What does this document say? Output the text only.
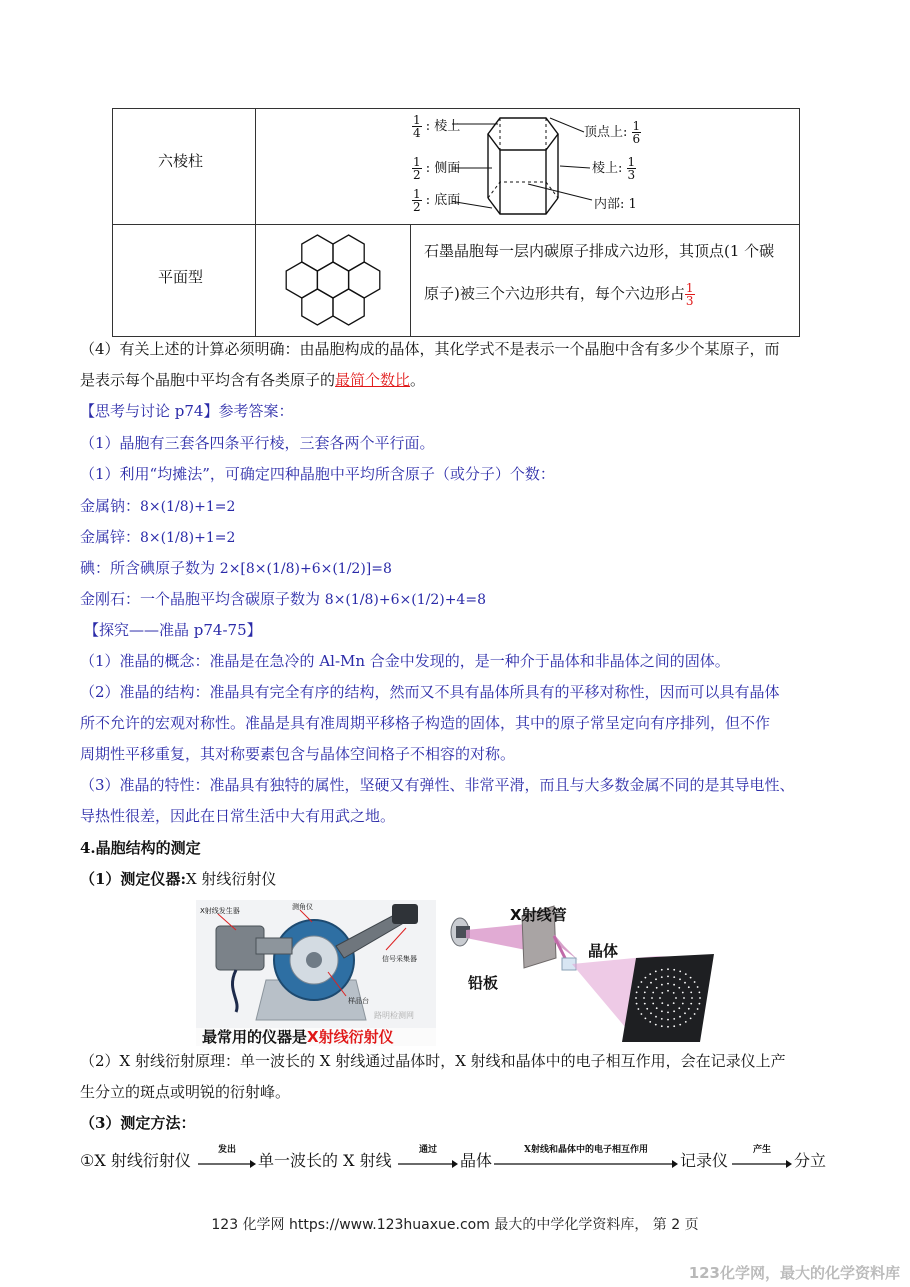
六棱柱
平面型
$\frac{1}{4}$ : 棱上
$\frac{1}{2}$ : 侧面
$\frac{1}{2}$ : 底面
顶点上: $\frac{1}{6}$
棱上: $\frac{1}{3}$
内部: 1
石墨晶胞每一层内碳原子排成六边形，其顶点(1 个碳
原子)被三个六边形共有，每个六边形占 $\frac{1}{3}$
（4）有关上述的计算必须明确：由晶胞构成的晶体，其化学式不是表示一个晶胞中含有多少个某原子，而
是表示每个晶胞中平均含有各类原子的最简个数比。
【思考与讨论 p74】参考答案：
（1）晶胞有三套各四条平行棱，三套各两个平行面。
（1）利用“均摊法”，可确定四种晶胞中平均所含原子（或分子）个数：
金属钠：8×(1/8)+1=2
金属锌：8×(1/8)+1=2
碘：所含碘原子数为 2×[8×(1/8)+6×(1/2)]=8
金刚石：一个晶胞平均含碳原子数为 8×(1/8)+6×(1/2)+4=8
【探究——准晶 p74-75】
（1）准晶的概念：准晶是在急冷的 Al-Mn 合金中发现的，是一种介于晶体和非晶体之间的固体。
（2）准晶的结构：准晶具有完全有序的结构，然而又不具有晶体所具有的平移对称性，因而可以具有晶体
所不允许的宏观对称性。准晶是具有准周期平移格子构造的固体，其中的原子常呈定向有序排列，但不作
周期性平移重复，其对称要素包含与晶体空间格子不相容的对称。
（3）准晶的特性：准晶具有独特的属性，坚硬又有弹性、非常平滑，而且与大多数金属不同的是其导电性、
导热性很差，因此在日常生活中大有用武之地。
4.晶胞结构的测定
（1）测定仪器:X 射线衍射仪
X射线发生器	测角仪
信号采集器
样品台
路明检测网
最常用的仪器是X射线衍射仪
X射线管
晶体
铅板
（2）X 射线衍射原理：单一波长的 X 射线通过晶体时，X 射线和晶体中的电子相互作用，会在记录仪上产
生分立的斑点或明锐的衍射峰。
（3）测定方法：
①X 射线衍射仪
发出
单一波长的 X 射线
通过
晶体
X射线和晶体中的电子相互作用
记录仪
产生
分立
123 化学网 https://www.123huaxue.com 最大的中学化学资料库， 第 2 页
123化学网，最大的化学资料库
